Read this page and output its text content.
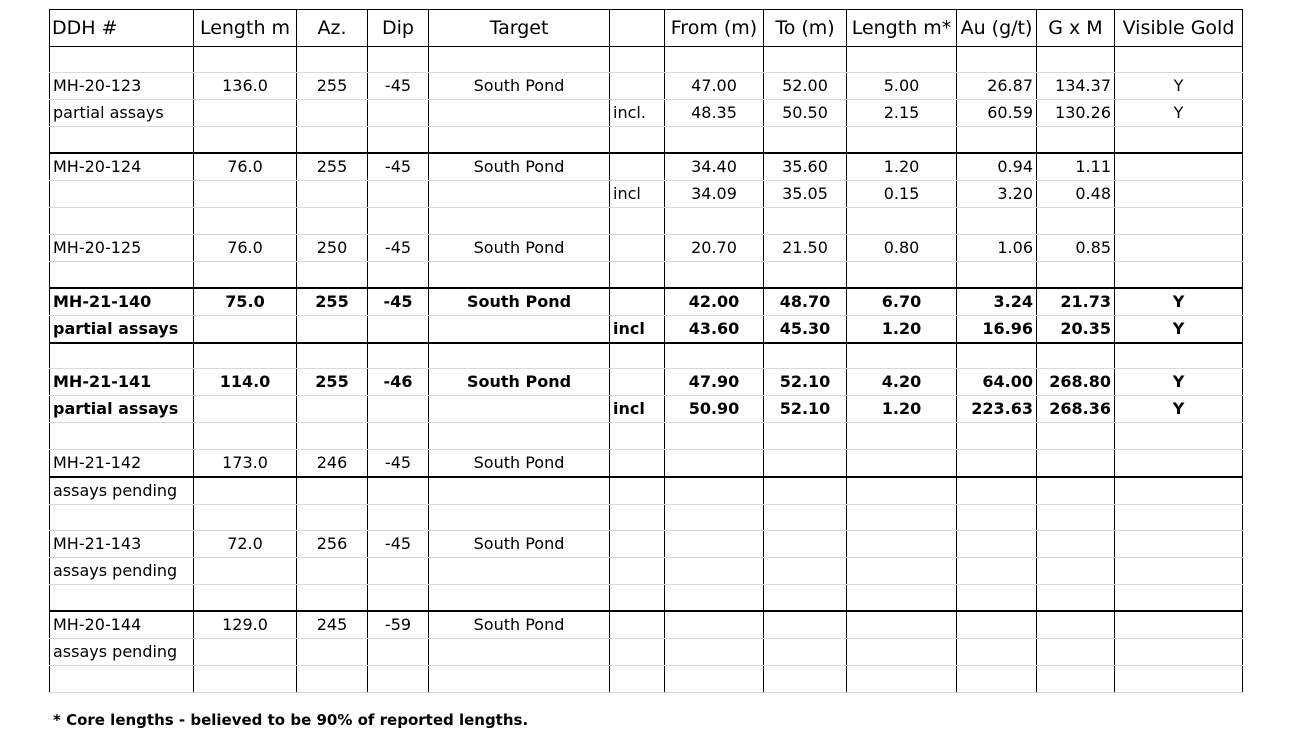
DDH #	Length m	Az.	Dip	Target		From (m)	To (m)	Length m*	Au (g/t)	G x M	Visible Gold

MH-20-123	136.0	255	-45	South Pond		47.00	52.00	5.00	26.87	134.37	Y
partial assays					incl.	48.35	50.50	2.15	60.59	130.26	Y

MH-20-124	76.0	255	-45	South Pond		34.40	35.60	1.20	0.94	1.11	
					incl	34.09	35.05	0.15	3.20	0.48	

MH-20-125	76.0	250	-45	South Pond		20.70	21.50	0.80	1.06	0.85	

MH-21-140	75.0	255	-45	South Pond		42.00	48.70	6.70	3.24	21.73	Y
partial assays					incl	43.60	45.30	1.20	16.96	20.35	Y

MH-21-141	114.0	255	-46	South Pond		47.90	52.10	4.20	64.00	268.80	Y
partial assays					incl	50.90	52.10	1.20	223.63	268.36	Y

MH-21-142	173.0	246	-45	South Pond							
assays pending											

MH-21-143	72.0	256	-45	South Pond							
assays pending											

MH-20-144	129.0	245	-59	South Pond							
assays pending											

* Core lengths - believed to be 90% of reported lengths.
